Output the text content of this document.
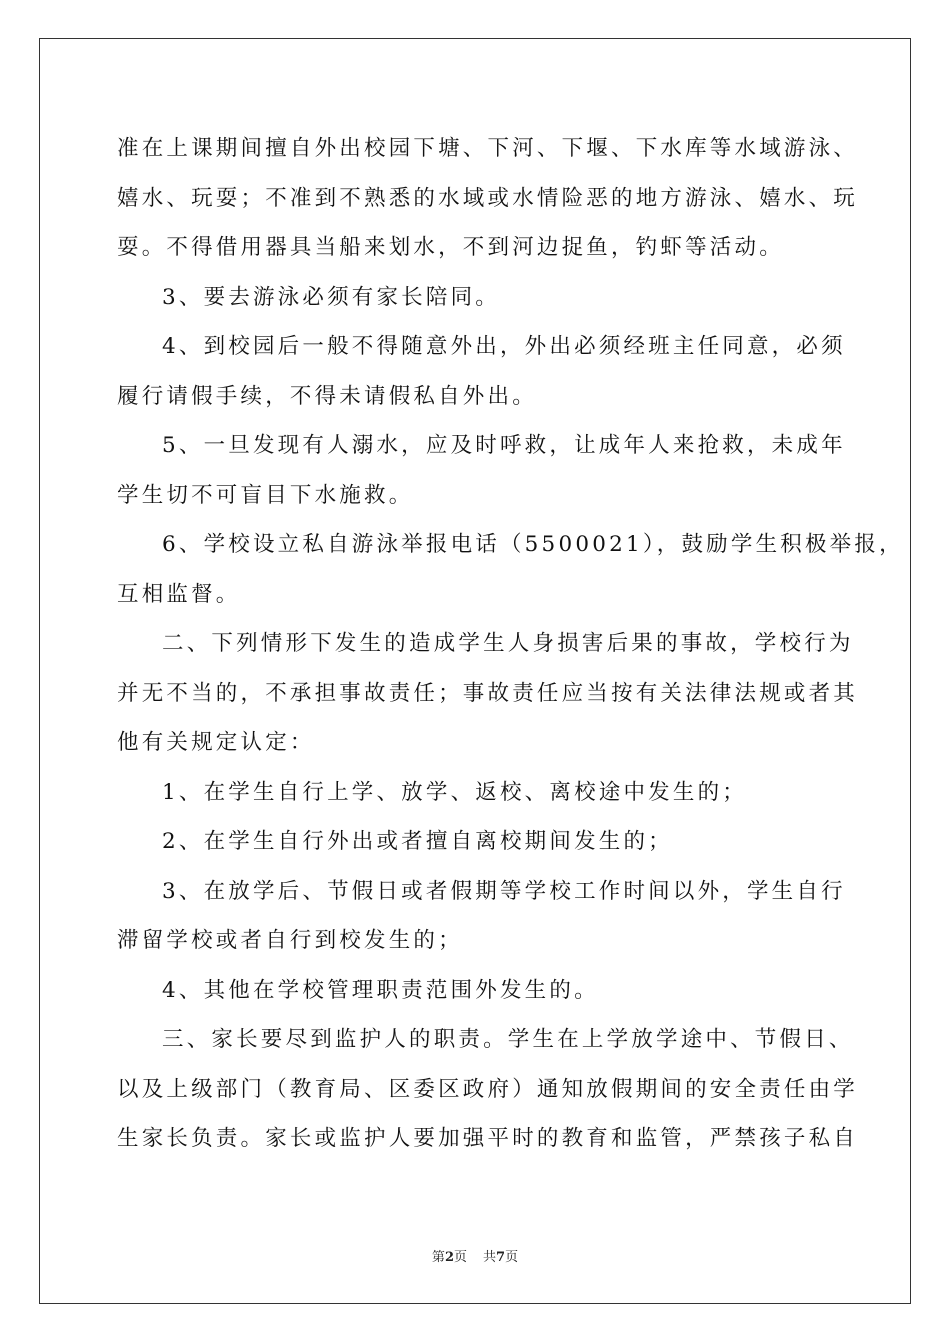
准在上课期间擅自外出校园下塘、下河、下堰、下水库等水域游泳、
嬉水、玩耍；不准到不熟悉的水域或水情险恶的地方游泳、嬉水、玩
耍。不得借用器具当船来划水，不到河边捉鱼，钓虾等活动。
3、要去游泳必须有家长陪同。
4、到校园后一般不得随意外出，外出必须经班主任同意，必须
履行请假手续，不得未请假私自外出。
5、一旦发现有人溺水，应及时呼救，让成年人来抢救，未成年
学生切不可盲目下水施救。
6、学校设立私自游泳举报电话（5500021），鼓励学生积极举报，
互相监督。
二、下列情形下发生的造成学生人身损害后果的事故，学校行为
并无不当的，不承担事故责任；事故责任应当按有关法律法规或者其
他有关规定认定：
1、在学生自行上学、放学、返校、离校途中发生的；
2、在学生自行外出或者擅自离校期间发生的；
3、在放学后、节假日或者假期等学校工作时间以外，学生自行
滞留学校或者自行到校发生的；
4、其他在学校管理职责范围外发生的。
三、家长要尽到监护人的职责。学生在上学放学途中、节假日、
以及上级部门（教育局、区委区政府）通知放假期间的安全责任由学
生家长负责。家长或监护人要加强平时的教育和监管，严禁孩子私自
第2页 共7页
